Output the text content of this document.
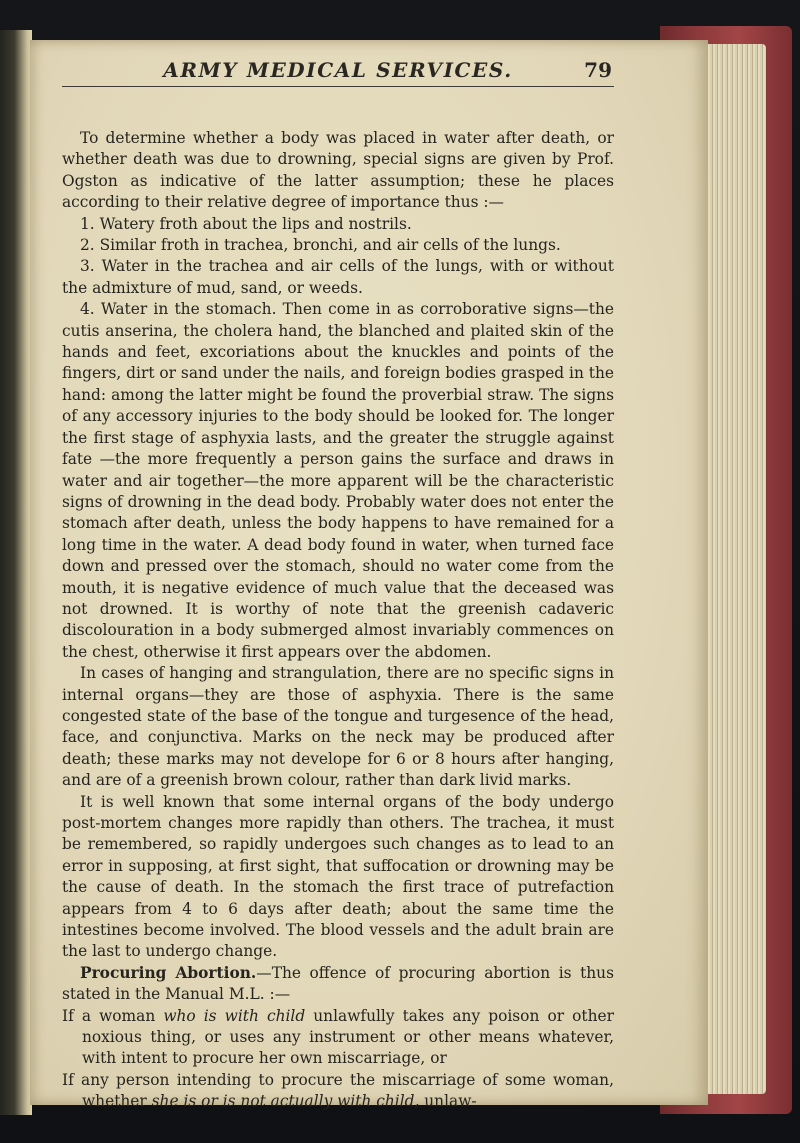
ARMY MEDICAL SERVICES.	79

To determine whether a body was placed in water after death, or whether death was due to drowning, special signs are given by Prof. Ogston as indicative of the latter assumption; these he places according to their relative degree of importance thus :—

1. Watery froth about the lips and nostrils.

2. Similar froth in trachea, bronchi, and air cells of the lungs.

3. Water in the trachea and air cells of the lungs, with or without the admixture of mud, sand, or weeds.

4. Water in the stomach. Then come in as corroborative signs—the cutis anserina, the cholera hand, the blanched and plaited skin of the hands and feet, excoriations about the knuckles and points of the fingers, dirt or sand under the nails, and foreign bodies grasped in the hand: among the latter might be found the proverbial straw. The signs of any accessory injuries to the body should be looked for. The longer the first stage of asphyxia lasts, and the greater the struggle against fate —the more frequently a person gains the surface and draws in water and air together—the more apparent will be the characteristic signs of drowning in the dead body. Probably water does not enter the stomach after death, unless the body happens to have remained for a long time in the water. A dead body found in water, when turned face down and pressed over the stomach, should no water come from the mouth, it is negative evidence of much value that the deceased was not drowned. It is worthy of note that the greenish cadaveric discolouration in a body submerged almost invariably commences on the chest, otherwise it first appears over the abdomen.

In cases of hanging and strangulation, there are no specific signs in internal organs—they are those of asphyxia. There is the same congested state of the base of the tongue and turgesence of the head, face, and conjunctiva. Marks on the neck may be produced after death; these marks may not develope for 6 or 8 hours after hanging, and are of a greenish brown colour, rather than dark livid marks.

It is well known that some internal organs of the body undergo post-mortem changes more rapidly than others. The trachea, it must be remembered, so rapidly undergoes such changes as to lead to an error in supposing, at first sight, that suffocation or drowning may be the cause of death. In the stomach the first trace of putrefaction appears from 4 to 6 days after death; about the same time the intestines become involved. The blood vessels and the adult brain are the last to undergo change.

Procuring Abortion.—The offence of procuring abortion is thus stated in the Manual M.L. :—

If a woman who is with child unlawfully takes any poison or other noxious thing, or uses any instrument or other means whatever, with intent to procure her own miscarriage, or

If any person intending to procure the miscarriage of some woman, whether she is or is not actually with child, unlaw-
